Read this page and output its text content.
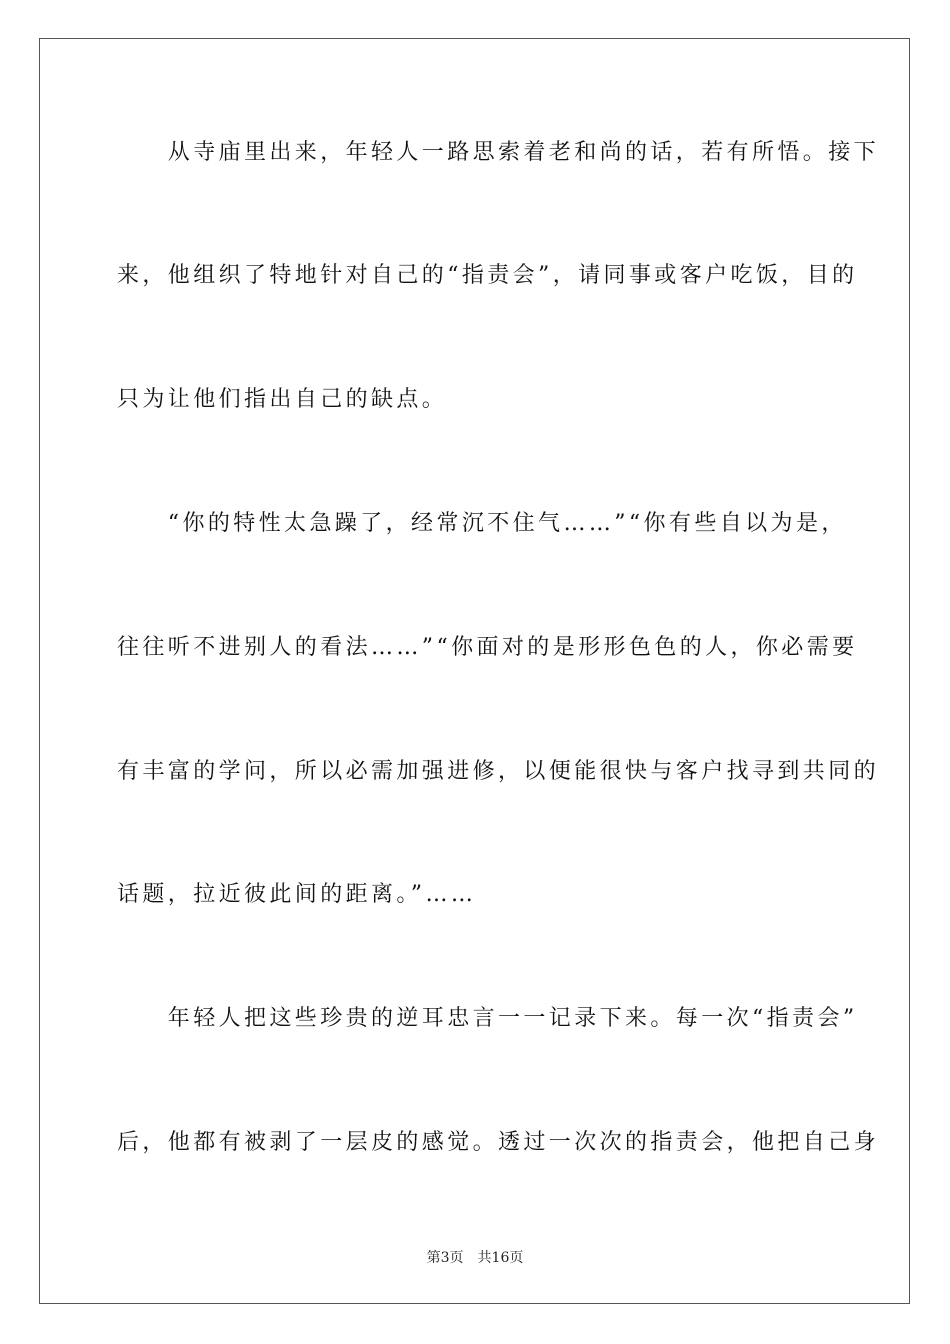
　　从寺庙里出来，年轻人一路思索着老和尚的话，若有所悟。接下
来，他组织了特地针对自己的“指责会”，请同事或客户吃饭，目的
只为让他们指出自己的缺点。
　　“你的特性太急躁了，经常沉不住气……”“你有些自以为是，
往往听不进别人的看法……”“你面对的是形形色色的人，你必需要
有丰富的学问，所以必需加强进修，以便能很快与客户找寻到共同的
话题，拉近彼此间的距离。”……
　　年轻人把这些珍贵的逆耳忠言一一记录下来。每一次“指责会”
后，他都有被剥了一层皮的感觉。透过一次次的指责会，他把自己身
第3页 共16页
